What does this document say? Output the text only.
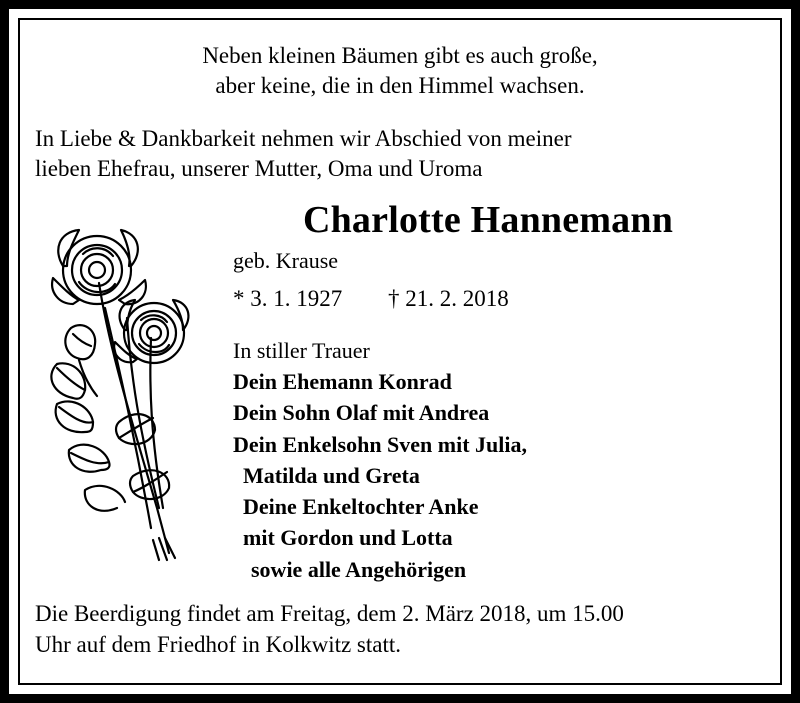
Neben kleinen Bäumen gibt es auch große,
aber keine, die in den Himmel wachsen.
In Liebe & Dankbarkeit nehmen wir Abschied von meiner
lieben Ehefrau, unserer Mutter, Oma und Uroma
Charlotte Hannemann
geb. Krause
* 3. 1. 1927 † 21. 2. 2018
In stiller Trauer
Dein Ehemann Konrad
Dein Sohn Olaf mit Andrea
Dein Enkelsohn Sven mit Julia,
Matilda und Greta
Deine Enkeltochter Anke
mit Gordon und Lotta
sowie alle Angehörigen
Die Beerdigung findet am Freitag, dem 2. März 2018, um 15.00
Uhr auf dem Friedhof in Kolkwitz statt.
